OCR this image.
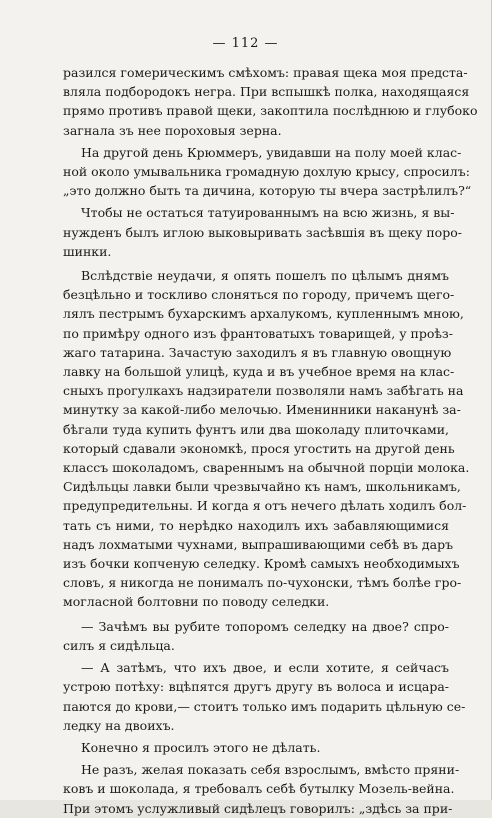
— 112 —
разился гомерическимъ смѣхомъ: правая щека моя предста-
вляла подбородокъ негра. При вспышкѣ полка, находящаяся
прямо противъ правой щеки, закоптила послѣднюю и глубоко
загнала зъ нее пороховыя зерна.
На другой день Крюммеръ, увидавши на полу моей клас-
ной около умывальника громадную дохлую крысу, спросилъ:
„это должно быть та дичина, которую ты вчера застрѣлилъ?“
Чтобы не остаться татуированнымъ на всю жизнь, я вы-
нужденъ былъ иглою выковыривать засѣвшія въ щеку поро-
шинки.
Вслѣдствіе неудачи, я опять пошелъ по цѣлымъ днямъ
безцѣльно и тоскливо слоняться по городу, причемъ щего-
лялъ пестрымъ бухарскимъ архалукомъ, купленнымъ мною,
по примѣру одного изъ франтоватыхъ товарищей, у проѣз-
жаго татарина. Зачастую заходилъ я въ главную овощную
лавку на большой улицѣ, куда и въ учебное время на клас-
сныхъ прогулкахъ надзиратели позволяли намъ забѣгать на
минутку за какой-либо мелочью. Именинники наканунѣ за-
бѣгали туда купить фунтъ или два шоколаду плиточками,
который сдавали экономкѣ, прося угостить на другой день
классъ шоколадомъ, свареннымъ на обычной порціи молока.
Сидѣльцы лавки были чрезвычайно къ намъ, школьникамъ,
предупредительны. И когда я отъ нечего дѣлать ходилъ бол-
тать съ ними, то нерѣдко находилъ ихъ забавляющимися
надъ лохматыми чухнами, выпрашивающими себѣ въ даръ
изъ бочки копченую селедку. Кромѣ самыхъ необходимыхъ
словъ, я никогда не понималъ по-чухонски, тѣмъ болѣе гро-
могласной болтовни по поводу селедки.
— Зачѣмъ вы рубите топоромъ селедку на двое? спро-
силъ я сидѣльца.
— А затѣмъ, что ихъ двое, и если хотите, я сейчасъ
устрою потѣху: вцѣпятся другъ другу въ волоса и исцара-
паются до крови,— стоитъ только имъ подарить цѣльную се-
ледку на двоихъ.
Конечно я просилъ этого не дѣлать.
Не разъ, желая показать себя взрослымъ, вмѣсто пряни-
ковъ и шоколада, я требовалъ себѣ бутылку Мозель-вейна.
При этомъ услужливый сидѣлецъ говорилъ: „здѣсь за при-
